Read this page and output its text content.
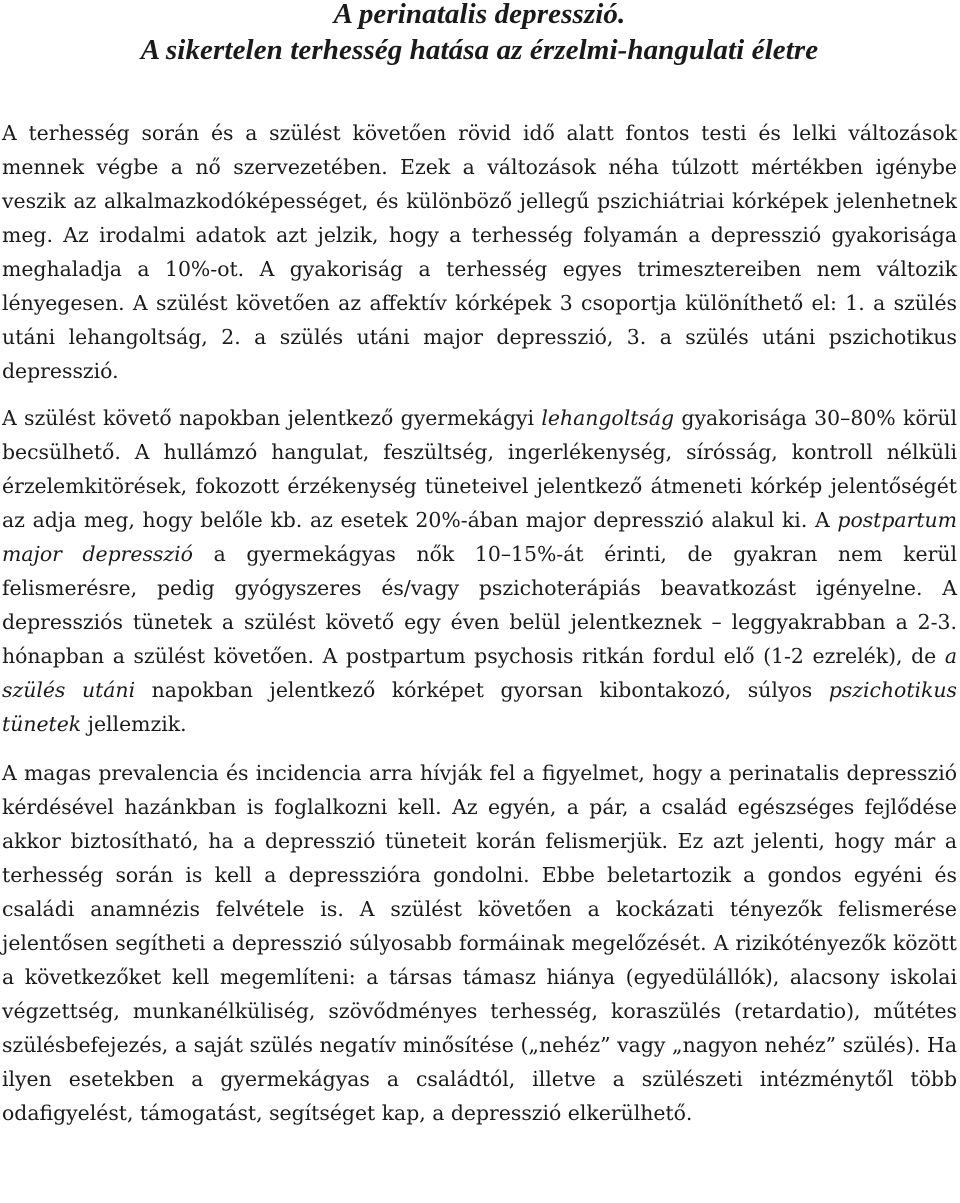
A perinatalis depresszió.
A sikertelen terhesség hatása az érzelmi-hangulati életre

A terhesség során és a szülést követően rövid idő alatt fontos testi és lelki változások mennek végbe a nő szervezetében. Ezek a változások néha túlzott mértékben igénybe veszik az alkalmazkodóképességet, és különböző jellegű pszichiátriai kórképek jelenhetnek meg. Az irodalmi adatok azt jelzik, hogy a terhesség folyamán a depresszió gyakorisága meghaladja a 10%-ot. A gyakoriság a terhesség egyes trimesztereiben nem változik lényegesen. A szülést követően az affektív kórképek 3 csoportja különíthető el: 1. a szülés utáni lehangoltság, 2. a szülés utáni major depresszió, 3. a szülés utáni pszichotikus depresszió.

A szülést követő napokban jelentkező gyermekágyi lehangoltság gyakorisága 30–80% körül becsülhető. A hullámzó hangulat, feszültség, ingerlékenység, sírósság, kontroll nélküli érzelemkitörések, fokozott érzékenység tüneteivel jelentkező átmeneti kórkép jelentőségét az adja meg, hogy belőle kb. az esetek 20%-ában major depresszió alakul ki. A postpartum major depresszió a gyermekágyas nők 10–15%-át érinti, de gyakran nem kerül felismerésre, pedig gyógyszeres és/vagy pszichoterápiás beavatkozást igényelne. A depressziós tünetek a szülést követő egy éven belül jelentkeznek – leggyakrabban a 2-3. hónapban a szülést követően. A postpartum psychosis ritkán fordul elő (1-2 ezrelék), de a szülés utáni napokban jelentkező kórképet gyorsan kibontakozó, súlyos pszichotikus tünetek jellemzik.

A magas prevalencia és incidencia arra hívják fel a figyelmet, hogy a perinatalis depresszió kérdésével hazánkban is foglalkozni kell. Az egyén, a pár, a család egészséges fejlődése akkor biztosítható, ha a depresszió tüneteit korán felismerjük. Ez azt jelenti, hogy már a terhesség során is kell a depresszióra gondolni. Ebbe beletartozik a gondos egyéni és családi anamnézis felvétele is. A szülést követően a kockázati tényezők felismerése jelentősen segítheti a depresszió súlyosabb formáinak megelőzését. A rizikótényezők között a következőket kell megemlíteni: a társas támasz hiánya (egyedülállók), alacsony iskolai végzettség, munkanélküliség, szövődményes terhesség, koraszülés (retardatio), műtétes szülésbefejezés, a saját szülés negatív minősítése („nehéz” vagy „nagyon nehéz” szülés). Ha ilyen esetekben a gyermekágyas a családtól, illetve a szülészeti intézménytől több odafigyelést, támogatást, segítséget kap, a depresszió elkerülhető.
